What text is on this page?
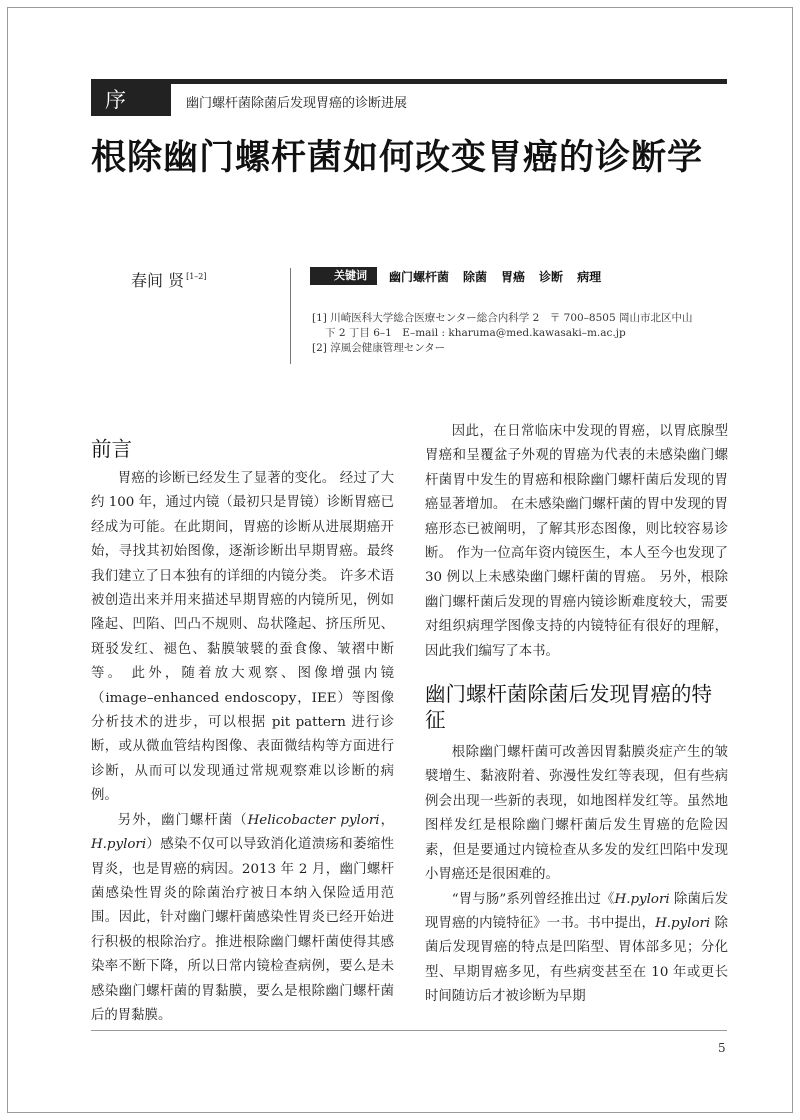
序	幽门螺杆菌除菌后发现胃癌的诊断进展
根除幽门螺杆菌如何改变胃癌的诊断学
春间 贤 [1–2]	关键词	幽门螺杆菌 除菌 胃癌 诊断 病理

[1] 川崎医科大学総合医療センター総合内科学 2　〒 700–8505 岡山市北区中山

下 2 丁目 6–1　E–mail : kharuma@med.kawasaki–m.ac.jp

[2] 淳風会健康管理センター

前言

胃癌的诊断已经发生了显著的变化。 经过了大约 100 年，通过内镜（最初只是胃镜）诊断胃癌已经成为可能。在此期间，胃癌的诊断从进展期癌开始，寻找其初始图像，逐渐诊断出早期胃癌。最终我们建立了日本独有的详细的内镜分类。 许多术语被创造出来并用来描述早期胃癌的内镜所见，例如隆起、凹陷、凹凸不规则、岛状隆起、挤压所见、斑驳发红、褪色、黏膜皱襞的蚕食像、皱褶中断等。 此外，随着放大观察、图像增强内镜（image–enhanced endoscopy，IEE）等图像分析技术的进步，可以根据 pit pattern 进行诊断，或从微血管结构图像、表面微结构等方面进行诊断，从而可以发现通过常规观察难以诊断的病例。

另外，幽门螺杆菌（Helicobacter pylori，H.pylori）感染不仅可以导致消化道溃疡和萎缩性胃炎，也是胃癌的病因。2013 年 2 月，幽门螺杆菌感染性胃炎的除菌治疗被日本纳入保险适用范围。因此，针对幽门螺杆菌感染性胃炎已经开始进行积极的根除治疗。推进根除幽门螺杆菌使得其感染率不断下降，所以日常内镜检查病例，要么是未感染幽门螺杆菌的胃黏膜，要么是根除幽门螺杆菌后的胃黏膜。

因此，在日常临床中发现的胃癌，以胃底腺型胃癌和呈覆盆子外观的胃癌为代表的未感染幽门螺杆菌胃中发生的胃癌和根除幽门螺杆菌后发现的胃癌显著增加。 在未感染幽门螺杆菌的胃中发现的胃癌形态已被阐明，了解其形态图像，则比较容易诊断。 作为一位高年资内镜医生，本人至今也发现了 30 例以上未感染幽门螺杆菌的胃癌。 另外，根除幽门螺杆菌后发现的胃癌内镜诊断难度较大，需要对组织病理学图像支持的内镜特征有很好的理解，因此我们编写了本书。

幽门螺杆菌除菌后发现胃癌的特征

根除幽门螺杆菌可改善因胃黏膜炎症产生的皱襞增生、黏液附着、弥漫性发红等表现，但有些病例会出现一些新的表现，如地图样发红等。虽然地图样发红是根除幽门螺杆菌后发生胃癌的危险因素，但是要通过内镜检查从多发的发红凹陷中发现小胃癌还是很困难的。

“胃与肠”系列曾经推出过《H.pylori 除菌后发现胃癌的内镜特征》一书。书中提出，H.pylori 除菌后发现胃癌的特点是凹陷型、胃体部多见；分化型、早期胃癌多见，有些病变甚至在 10 年或更长时间随访后才被诊断为早期

5
